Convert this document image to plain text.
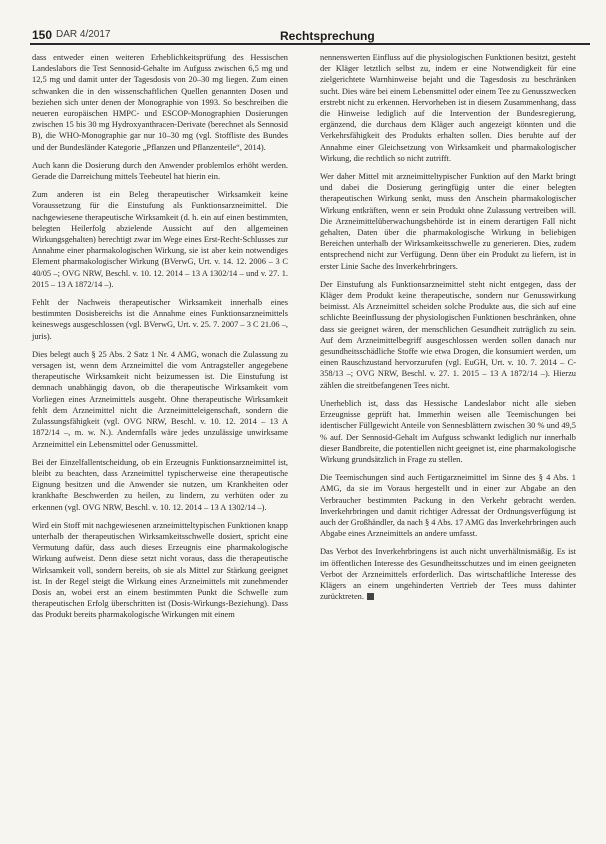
150 DAR 4/2017	Rechtsprechung

dass entweder einen weiteren Erheblichkeitsprüfung des Hessischen Landeslabors die Test Sennosid-Gehalte im Aufguss zwischen 6,5 mg und 12,5 mg und damit unter der Tagesdosis von 20–30 mg liegen. Zum einen schwanken die in den wissenschaftlichen Quellen genannten Dosen und beziehen sich unter denen der Monographie von 1993. So beschreiben die neueren europäischen HMPC- und ESCOP-Monographien Dosierungen zwischen 15 bis 30 mg Hydroxyanthracen-Derivate (berechnet als Sennosid B), die WHO-Monographie gar nur 10–30 mg (vgl. Stoffliste des Bundes und der Bundesländer Kategorie „Pflanzen und Pflanzenteile“, 2014).

Auch kann die Dosierung durch den Anwender problemlos erhöht werden. Gerade die Darreichung mittels Teebeutel hat hierin ein.

Zum anderen ist ein Beleg therapeutischer Wirksamkeit keine Voraussetzung für die Einstufung als Funktionsarzneimittel. Die nachgewiesene therapeutische Wirksamkeit (d. h. ein auf einen bestimmten, belegten Heilerfolg abzielende Aussicht auf den allgemeinen Wirkungsgehalten) berechtigt zwar im Wege eines Erst-Recht-Schlusses zur Annahme einer pharmakologischen Wirkung, sie ist aber kein notwendiges Element pharmakologischer Wirkung (BVerwG, Urt. v. 14. 12. 2006 – 3 C 40/05 –; OVG NRW, Beschl. v. 10. 12. 2014 – 13 A 1302/14 – und v. 27. 1. 2015 – 13 A 1872/14 –).

Fehlt der Nachweis therapeutischer Wirksamkeit innerhalb eines bestimmten Dosisbereichs ist die Annahme eines Funktionsarzneimittels keineswegs ausgeschlossen (vgl. BVerwG, Urt. v. 25. 7. 2007 – 3 C 21.06 –, juris).

Dies belegt auch § 25 Abs. 2 Satz 1 Nr. 4 AMG, wonach die Zulassung zu versagen ist, wenn dem Arzneimittel die vom Antragsteller angegebene therapeutische Wirksamkeit nicht beizumessen ist. Die Einstufung ist demnach unabhängig davon, ob die therapeutische Wirksamkeit vom Vorliegen eines Arzneimittels ausgeht. Ohne therapeutische Wirksamkeit fehlt dem Arzneimittel nicht die Arzneimitteleigenschaft, sondern die Zulassungsfähigkeit (vgl. OVG NRW, Beschl. v. 10. 12. 2014 – 13 A 1872/14 –, m. w. N.). Andernfalls wäre jedes unzulässige unwirksame Arzneimittel ein Lebensmittel oder Genussmittel.

Bei der Einzelfallentscheidung, ob ein Erzeugnis Funktionsarzneimittel ist, bleibt zu beachten, dass Arzneimittel typischerweise eine therapeutische Eignung besitzen und die Anwender sie nutzen, um Krankheiten oder krankhafte Beschwerden zu heilen, zu lindern, zu verhüten oder zu erkennen (vgl. OVG NRW, Beschl. v. 10. 12. 2014 – 13 A 1302/14 –).

Wird ein Stoff mit nachgewiesenen arzneimitteltypischen Funktionen knapp unterhalb der therapeutischen Wirksamkeitsschwelle dosiert, spricht eine Vermutung dafür, dass auch dieses Erzeugnis eine pharmakologische Wirkung aufweist. Denn diese setzt nicht voraus, dass die therapeutische Wirksamkeit voll, sondern bereits, ob sie als Mittel zur Stärkung geeignet ist. In der Regel steigt die Wirkung eines Arzneimittels mit zunehmender Dosis an, wobei erst an einem bestimmten Punkt die Schwelle zum therapeutischen Erfolg überschritten ist (Dosis-Wirkungs-Beziehung). Dass das Produkt bereits pharmakologische Wirkungen mit einem

nennenswerten Einfluss auf die physiologischen Funktionen besitzt, gesteht der Kläger letztlich selbst zu, indem er eine Notwendigkeit für eine zielgerichtete Warnhinweise bejaht und die Tagesdosis zu beschränken sucht. Dies wäre bei einem Lebensmittel oder einem Tee zu Genusszwecken erstrebt nicht zu erkennen. Hervorheben ist in diesem Zusammenhang, dass die Hinweise lediglich auf die Intervention der Bundesregierung, ergänzend, die durchaus dem Kläger auch angezeigt könnten und die Verkehrsfähigkeit des Produkts erhalten sollen. Dies beruhte auf der Annahme einer Gleichsetzung von Wirksamkeit und pharmakologischer Wirkung, die rechtlich so nicht zutrifft.

Wer daher Mittel mit arzneimitteltypischer Funktion auf den Markt bringt und dabei die Dosierung geringfügig unter die einer belegten therapeutischen Wirkung senkt, muss den Anschein pharmakologischer Wirkung entkräften, wenn er sein Produkt ohne Zulassung vertreiben will. Die Arzneimittelüberwachungsbehörde ist in einem derartigen Fall nicht gehalten, Daten über die pharmakologische Wirkung in beliebigen Bereichen unterhalb der Wirksamkeitsschwelle zu generieren. Dies, zudem entsprechend nicht zur Verfügung. Denn über ein Produkt zu liefern, ist in erster Linie Sache des Inverkehrbringers.

Der Einstufung als Funktionsarzneimittel steht nicht entgegen, dass der Kläger dem Produkt keine therapeutische, sondern nur Genusswirkung beimisst. Als Arzneimittel scheiden solche Produkte aus, die sich auf eine schlichte Beeinflussung der physiologischen Funktionen beschränken, ohne dass sie geeignet wären, der menschlichen Gesundheit zuträglich zu sein. Auf dem Arzneimittelbegriff ausgeschlossen werden sollen danach nur gesundheitsschädliche Stoffe wie etwa Drogen, die konsumiert werden, um einen Rauschzustand hervorzurufen (vgl. EuGH, Urt. v. 10. 7. 2014 – C-358/13 –; OVG NRW, Beschl. v. 27. 1. 2015 – 13 A 1872/14 –). Hierzu zählen die streitbefangenen Tees nicht.

Unerheblich ist, dass das Hessische Landeslabor nicht alle sieben Erzeugnisse geprüft hat. Immerhin weisen alle Teemischungen bei identischer Füllgewicht Anteile von Sennesblättern zwischen 30 % und 49,5 % auf. Der Sennosid-Gehalt im Aufguss schwankt lediglich nur innerhalb dieser Bandbreite, die potentiellen nicht geeignet ist, eine pharmakologische Wirkung grundsätzlich in Frage zu stellen.

Die Teemischungen sind auch Fertigarzneimittel im Sinne des § 4 Abs. 1 AMG, da sie im Voraus hergestellt und in einer zur Abgabe an den Verbraucher bestimmten Packung in den Verkehr gebracht werden. Inverkehrbringen und damit richtiger Adressat der Ordnungsverfügung ist auch der Großhändler, da nach § 4 Abs. 17 AMG das Inverkehrbringen auch Abgabe eines Arzneimittels an andere umfasst.

Das Verbot des Inverkehrbringens ist auch nicht unverhältnismäßig. Es ist im öffentlichen Interesse des Gesundheitsschutzes und im einen geeigneten Verbot der Arzneimittels erforderlich. Das wirtschaftliche Interesse des Klägers an einem ungehinderten Vertrieb der Tees muss dahinter zurücktreten.
